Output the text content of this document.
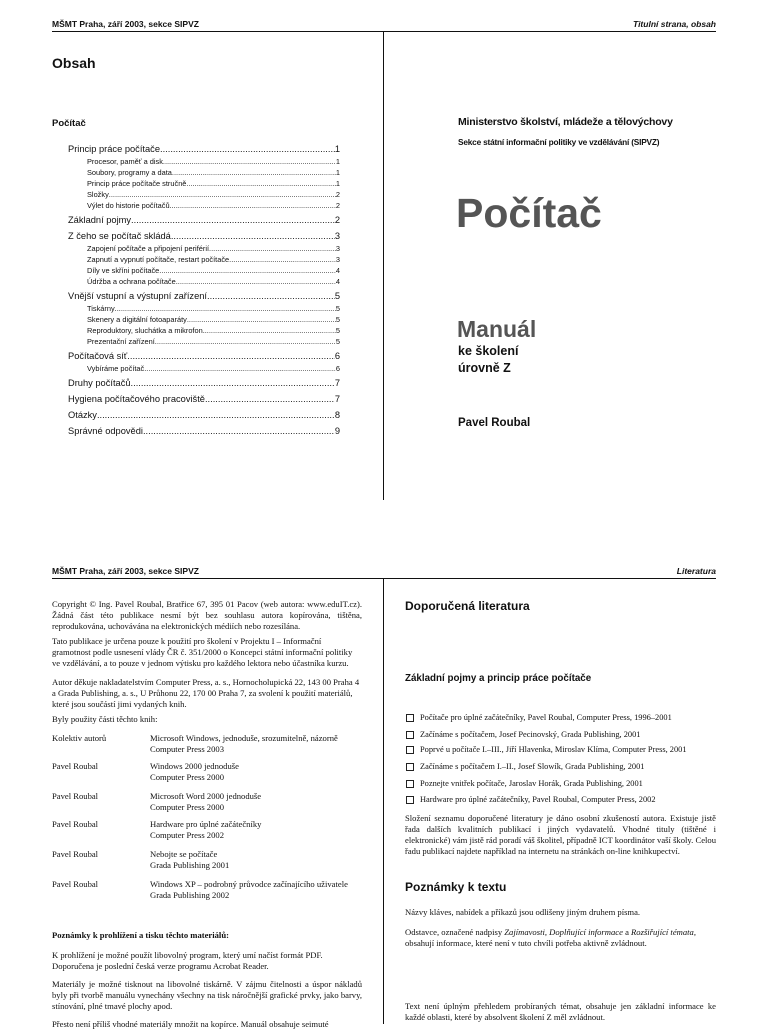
MŠMT Praha, září 2003, sekce SIPVZ	Titulní strana, obsah
Obsah
Počítač
Princip práce počítače .....	1
Procesor, paměť a disk .....	1
Soubory, programy a data .....	1
Princip práce počítače stručně .....	1
Složky .....	2
Výlet do historie počítačů .....	2
Základní pojmy .....	2
Z čeho se počítač skládá .....	3
Zapojení počítače a připojení periférií .....	3
Zapnutí a vypnutí počítače, restart počítače .....	3
Díly ve skříni počítače .....	4
Údržba a ochrana počítače .....	4
Vnější vstupní a výstupní zařízení .....	5
Tiskárny .....	5
Skenery a digitální fotoaparáty .....	5
Reproduktory, sluchátka a mikrofon .....	5
Prezentační zařízení .....	5
Počítačová síť .....	6
Vybíráme počítač .....	6
Druhy počítačů .....	7
Hygiena počítačového pracoviště .....	7
Otázky .....	8
Správné odpovědi .....	9
Ministerstvo školství, mládeže a tělovýchovy
Sekce státní informační politiky ve vzdělávání (SIPVZ)
Počítač
Manuál
ke školení
úrovně Z
Pavel Roubal
MŠMT Praha, září 2003, sekce SIPVZ	Literatura
Copyright © Ing. Pavel Roubal, Bratřice 67, 395 01 Pacov (web autora: www.eduIT.cz). Žádná část této publikace nesmí být bez souhlasu autora kopírována, tištěna, reprodukována, uchovávána na elektronických médiích nebo rozesílána.
Tato publikace je určena pouze k použití pro školení v Projektu I – Informační gramotnost podle usnesení vlády ČR č. 351/2000 o Koncepci státní informační politiky ve vzdělávání, a to pouze v jednom výtisku pro každého lektora nebo účastníka kurzu.
Autor děkuje nakladatelstvím Computer Press, a. s., Hornocholupická 22, 143 00 Praha 4 a Grada Publishing, a. s., U Průhonu 22, 170 00 Praha 7, za svolení k použití materiálů, které jsou součástí jimi vydaných knih.
Byly použity části těchto knih:
Kolektiv autorů	Microsoft Windows, jednoduše, srozumitelně, názorně
Computer Press 2003
Pavel Roubal	Windows 2000 jednoduše
Computer Press 2000
Pavel Roubal	Microsoft Word 2000 jednoduše
Computer Press 2000
Pavel Roubal	Hardware pro úplné začátečníky
Computer Press 2002
Pavel Roubal	Nebojte se počítače
Grada Publishing 2001
Pavel Roubal	Windows XP – podrobný průvodce začínajícího uživatele
Grada Publishing 2002
Poznámky k prohlížení a tisku těchto materiálů:
K prohlížení je možné použít libovolný program, který umí načíst formát PDF. Doporučena je poslední česká verze programu Acrobat Reader.
Materiály je možné tisknout na libovolné tiskárně. V zájmu čitelnosti a úspor nákladů byly při tvorbě manuálu vynechány všechny na tisk náročnější grafické prvky, jako barvy, stínování, plné tmavé plochy apod.
Přesto není příliš vhodné materiály množit na kopírce. Manuál obsahuje seimuté
Doporučená literatura
Základní pojmy a princip práce počítače
Počítače pro úplné začátečníky, Pavel Roubal, Computer Press, 1996–2001
Začínáme s počítačem, Josef Pecinovský, Grada Publishing, 2001
Poprvé u počítače I.–III., Jiří Hlavenka, Miroslav Klíma, Computer Press, 2001
Začínáme s počítačem I.–II., Josef Slowík, Grada Publishing, 2001
Poznejte vnitřek počítače, Jaroslav Horák, Grada Publishing, 2001
Hardware pro úplné začátečníky, Pavel Roubal, Computer Press, 2002
Složení seznamu doporučené literatury je dáno osobní zkušeností autora. Existuje jistě řada dalších kvalitních publikací i jiných vydavatelů. Vhodné tituly (tištěné i elektronické) vám jistě rád poradí váš školitel, případně ICT koordinátor vaší školy. Celou řadu publikací najdete například na internetu na stránkách on-line knihkupectví.
Poznámky k textu
Názvy kláves, nabídek a příkazů jsou odlišeny jiným druhem písma.
Odstavce, označené nadpisy Zajímavosti, Doplňující informace a Rozšiřující témata, obsahují informace, které není v tuto chvíli potřeba aktivně zvládnout.
Text není úplným přehledem probíraných témat, obsahuje jen základní informace ke každé oblasti, které by absolvent školení Z měl zvládnout.
